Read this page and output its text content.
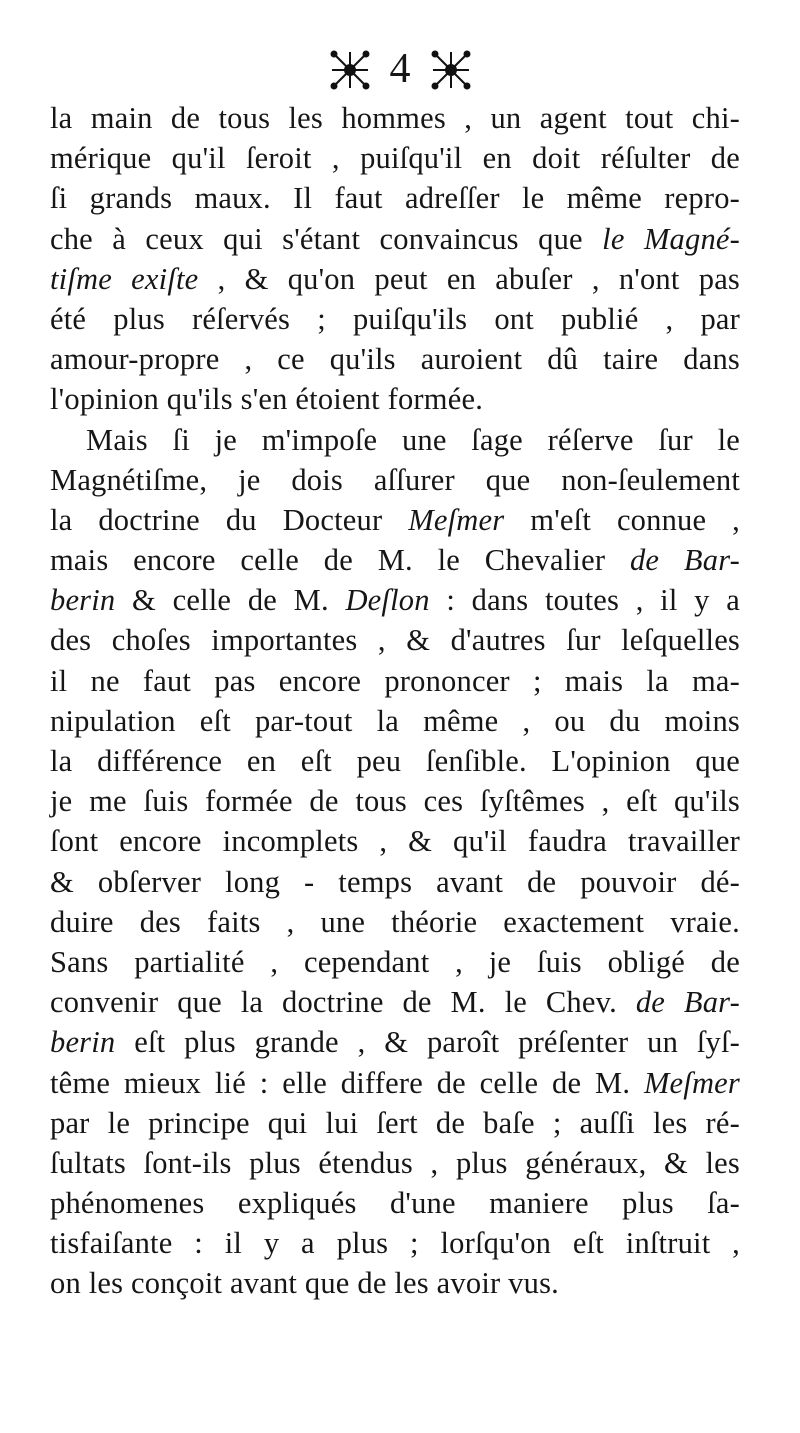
4
la main de tous les hommes , un agent tout chi-
mérique qu'il ſeroit , puiſqu'il en doit réſulter de
ſi grands maux. Il faut adreſſer le même repro-
che à ceux qui s'étant convaincus que le Magné-
tiſme exiſte , & qu'on peut en abuſer , n'ont pas
été plus réſervés ; puiſqu'ils ont publié , par
amour-propre , ce qu'ils auroient dû taire dans
l'opinion qu'ils s'en étoient formée.
Mais ſi je m'impoſe une ſage réſerve ſur le
Magnétiſme, je dois aſſurer que non-ſeulement
la doctrine du Docteur Meſmer m'eſt connue ,
mais encore celle de M. le Chevalier de Bar-
berin & celle de M. Deſlon : dans toutes , il y a
des choſes importantes , & d'autres ſur leſquelles
il ne faut pas encore prononcer ; mais la ma-
nipulation eſt par-tout la même , ou du moins
la différence en eſt peu ſenſible. L'opinion que
je me ſuis formée de tous ces ſyſtêmes , eſt qu'ils
ſont encore incomplets , & qu'il faudra travailler
& obſerver long - temps avant de pouvoir dé-
duire des faits , une théorie exactement vraie.
Sans partialité , cependant , je ſuis obligé de
convenir que la doctrine de M. le Chev. de Bar-
berin eſt plus grande , & paroît préſenter un ſyſ-
tême mieux lié : elle differe de celle de M. Meſmer
par le principe qui lui ſert de baſe ; auſſi les ré-
ſultats ſont-ils plus étendus , plus généraux, & les
phénomenes expliqués d'une maniere plus ſa-
tisfaiſante : il y a plus ; lorſqu'on eſt inſtruit ,
on les conçoit avant que de les avoir vus.
